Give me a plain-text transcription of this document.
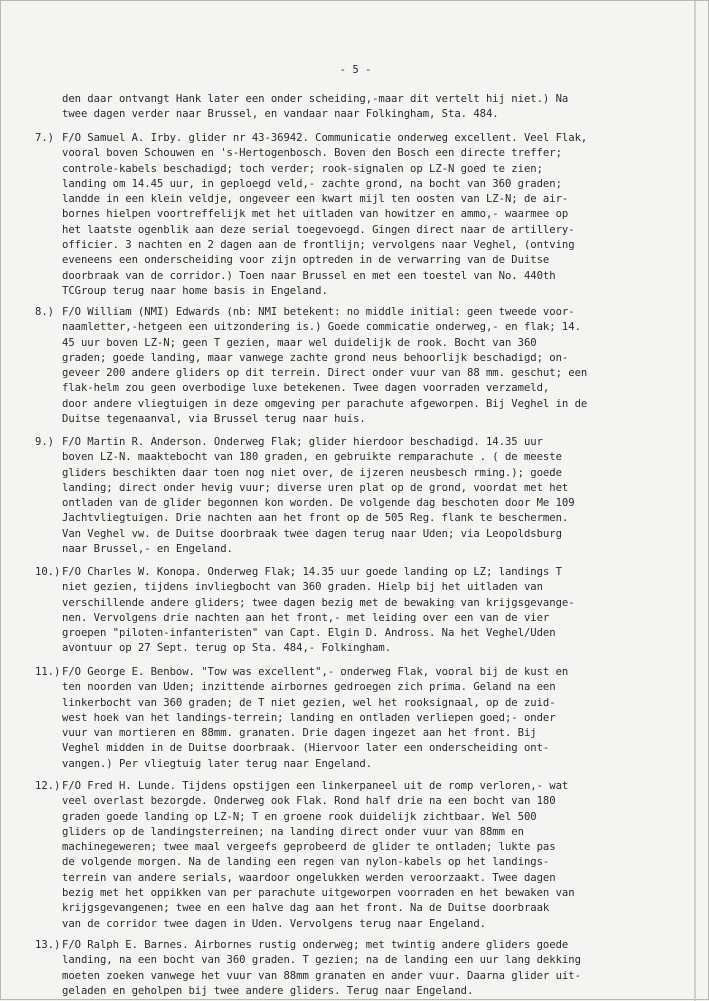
- 5 -
den daar ontvangt Hank later een onder scheiding,-maar dit vertelt hij niet.) Na
twee dagen verder naar Brussel, en vandaar naar Folkingham, Sta. 484.
7.) F/O Samuel A. Irby. glider nr 43-36942. Communicatie onderweg excellent. Veel Flak,
vooral boven Schouwen en 's-Hertogenbosch. Boven den Bosch een directe treffer;
controle-kabels beschadigd; toch verder; rook-signalen op LZ-N goed te zien;
landing om 14.45 uur, in geploegd veld,- zachte grond, na bocht van 360 graden;
landde in een klein veldje, ongeveer een kwart mijl ten oosten van LZ-N; de air-
bornes hielpen voortreffelijk met het uitladen van howitzer en ammo,- waarmee op
het laatste ogenblik aan deze serial toegevoegd. Gingen direct naar de artillery-
officier. 3 nachten en 2 dagen aan de frontlijn; vervolgens naar Veghel, (ontving
eveneens een onderscheiding voor zijn optreden in de verwarring van de Duitse
doorbraak van de corridor.) Toen naar Brussel en met een toestel van No. 440th
TCGroup terug naar home basis in Engeland.
8.) F/O William (NMI) Edwards (nb: NMI betekent: no middle initial: geen tweede voor-
naamletter,-hetgeen een uitzondering is.) Goede commicatie onderweg,- en flak; 14.
45 uur boven LZ-N; geen T gezien, maar wel duidelijk de rook. Bocht van 360
graden; goede landing, maar vanwege zachte grond neus behoorlijk beschadigd; on-
geveer 200 andere gliders op dit terrein. Direct onder vuur van 88 mm. geschut; een
flak-helm zou geen overbodige luxe betekenen. Twee dagen voorraden verzameld,
door andere vliegtuigen in deze omgeving per parachute afgeworpen. Bij Veghel in de
Duitse tegenaanval, via Brussel terug naar huis.
9.) F/O Martin R. Anderson. Onderweg Flak; glider hierdoor beschadigd. 14.35 uur
boven LZ-N. maaktebocht van 180 graden, en gebruikte remparachute . ( de meeste
gliders beschikten daar toen nog niet over, de ijzeren neusbesch rming.); goede
landing; direct onder hevig vuur; diverse uren plat op de grond, voordat met het
ontladen van de glider begonnen kon worden. De volgende dag beschoten door Me 109
Jachtvliegtuigen. Drie nachten aan het front op de 505 Reg. flank te beschermen.
Van Veghel vw. de Duitse doorbraak twee dagen terug naar Uden; via Leopoldsburg
naar Brussel,- en Engeland.
10.) F/O Charles W. Konopa. Onderweg Flak; 14.35 uur goede landing op LZ; landings T
niet gezien, tijdens invliegbocht van 360 graden. Hielp bij het uitladen van
verschillende andere gliders; twee dagen bezig met de bewaking van krijgsgevange-
nen. Vervolgens drie nachten aan het front,- met leiding over een van de vier
groepen "piloten-infanteristen" van Capt. Elgin D. Andross. Na het Veghel/Uden
avontuur op 27 Sept. terug op Sta. 484,- Folkingham.
11.) F/O George E. Benbow. "Tow was excellent",- onderweg Flak, vooral bij de kust en
ten noorden van Uden; inzittende airbornes gedroegen zich prima. Geland na een
linkerbocht van 360 graden; de T niet gezien, wel het rooksignaal, op de zuid-
west hoek van het landings-terrein; landing en ontladen verliepen goed;- onder
vuur van mortieren en 88mm. granaten. Drie dagen ingezet aan het front. Bij
Veghel midden in de Duitse doorbraak. (Hiervoor later een onderscheiding ont-
vangen.) Per vliegtuig later terug naar Engeland.
12.) F/O Fred H. Lunde. Tijdens opstijgen een linkerpaneel uit de romp verloren,- wat
veel overlast bezorgde. Onderweg ook Flak. Rond half drie na een bocht van 180
graden goede landing op LZ-N; T en groene rook duidelijk zichtbaar. Wel 500
gliders op de landingsterreinen; na landing direct onder vuur van 88mm en
machinegeweren; twee maal vergeefs geprobeerd de glider te ontladen; lukte pas
de volgende morgen. Na de landing een regen van nylon-kabels op het landings-
terrein van andere serials, waardoor ongelukken werden veroorzaakt. Twee dagen
bezig met het oppikken van per parachute uitgeworpen voorraden en het bewaken van
krijgsgevangenen; twee en een halve dag aan het front. Na de Duitse doorbraak
van de corridor twee dagen in Uden. Vervolgens terug naar Engeland.
13.) F/O Ralph E. Barnes. Airbornes rustig onderweg; met twintig andere gliders goede
landing, na een bocht van 360 graden. T gezien; na de landing een uur lang dekking
moeten zoeken vanwege het vuur van 88mm granaten en ander vuur. Daarna glider uit-
geladen en geholpen bij twee andere gliders. Terug naar Engeland.
